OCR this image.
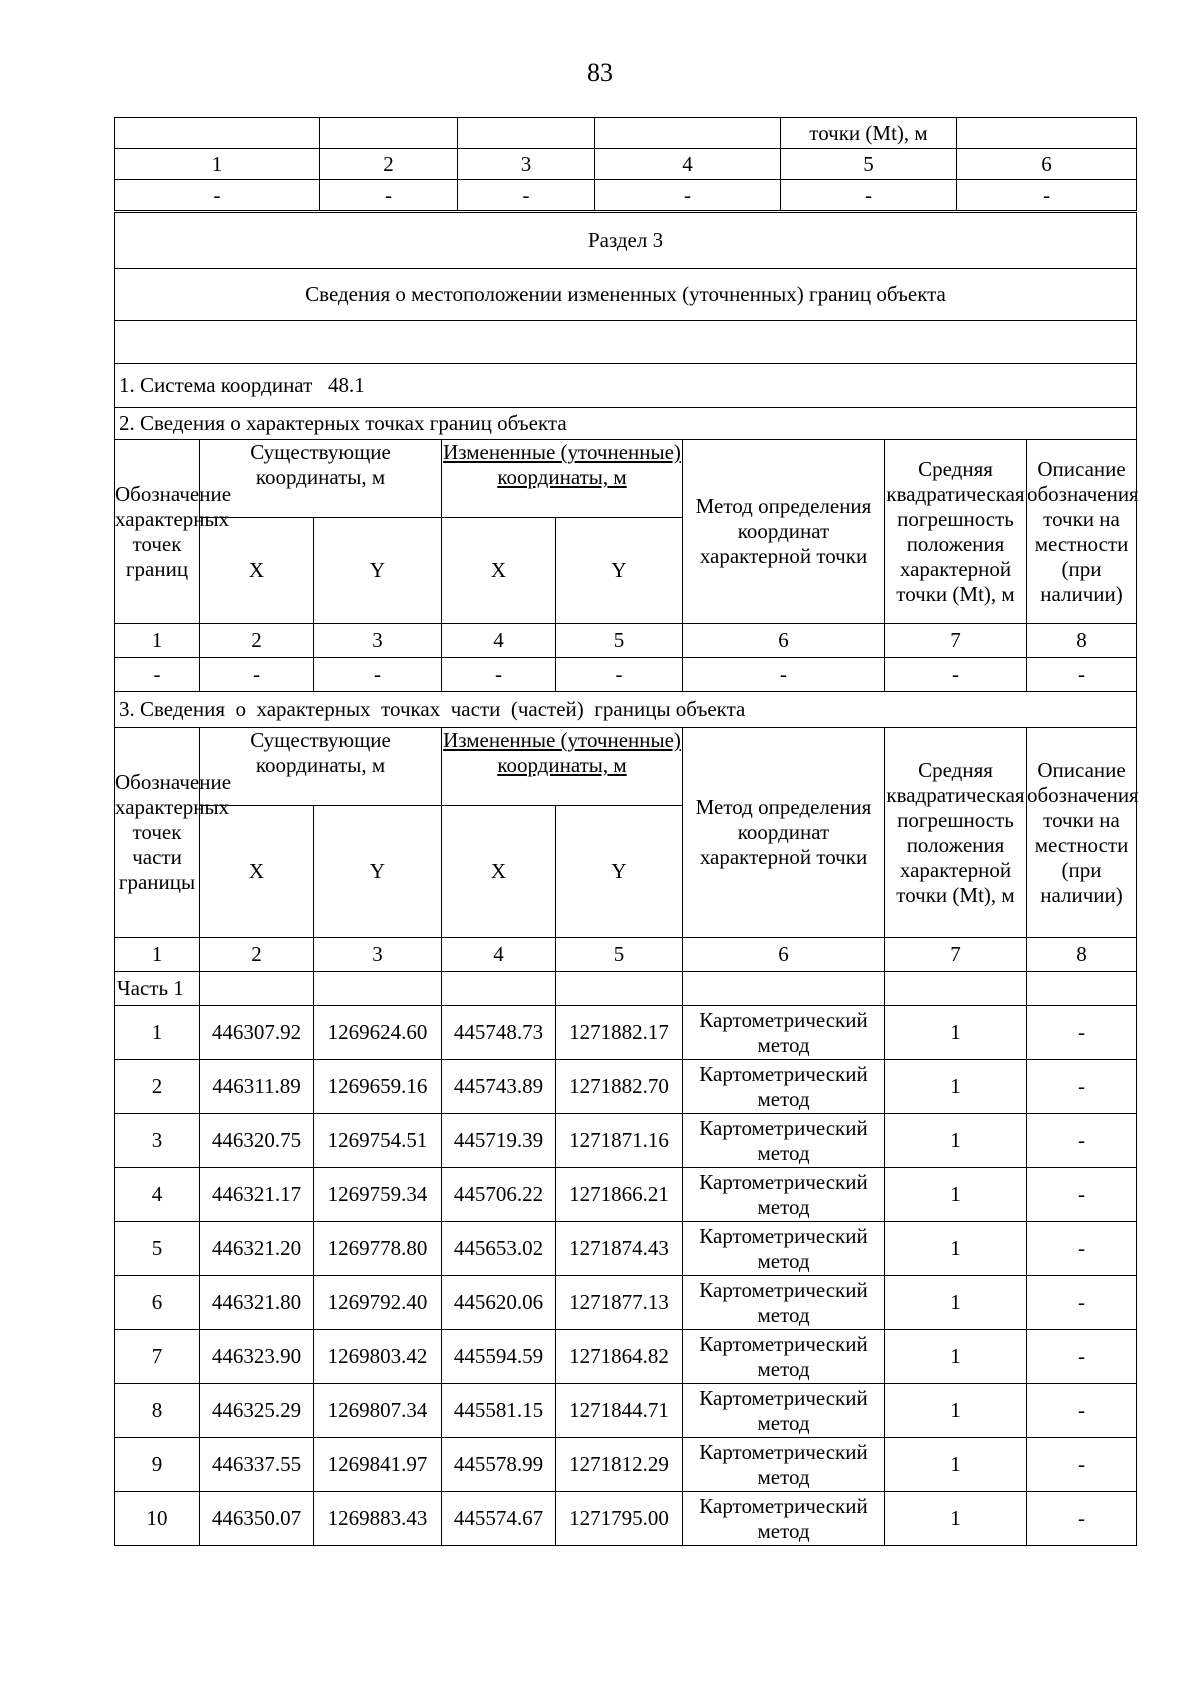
83
				точки (Mt), м	
1	2	3	4	5	6
-	-	-	-	-	-
Раздел 3							
Сведения о местоположении измененных (уточненных) границ объекта							

1. Система координат 48.1							
2. Сведения о характерных точках границ объекта							
Обозначение характерных точек границ	Существующие координаты, м		Измененные (уточненные) координаты, м		Метод определения координат характерной точки	Средняя квадратическая погрешность положения характерной точки (Mt), м	Описание обозначения точки на местности (при наличии)
	X	Y	X	Y			
1	2	3	4	5	6	7	8
-	-	-	-	-	-	-	-
3. Сведения  о  характерных  точках  части  (частей)  границы объекта							
Обозначение характерных точек части границы	Существующие координаты, м		Измененные (уточненные) координаты, м		Метод определения координат характерной точки	Средняя квадратическая погрешность положения характерной точки (Mt), м	Описание обозначения точки на местности (при наличии)
	X	Y	X	Y			
1	2	3	4	5	6	7	8
Часть 1							
1	446307.92	1269624.60	445748.73	1271882.17	Картометрический метод	1	-
2	446311.89	1269659.16	445743.89	1271882.70	Картометрический метод	1	-
3	446320.75	1269754.51	445719.39	1271871.16	Картометрический метод	1	-
4	446321.17	1269759.34	445706.22	1271866.21	Картометрический метод	1	-
5	446321.20	1269778.80	445653.02	1271874.43	Картометрический метод	1	-
6	446321.80	1269792.40	445620.06	1271877.13	Картометрический метод	1	-
7	446323.90	1269803.42	445594.59	1271864.82	Картометрический метод	1	-
8	446325.29	1269807.34	445581.15	1271844.71	Картометрический метод	1	-
9	446337.55	1269841.97	445578.99	1271812.29	Картометрический метод	1	-
10	446350.07	1269883.43	445574.67	1271795.00	Картометрический метод	1	-
